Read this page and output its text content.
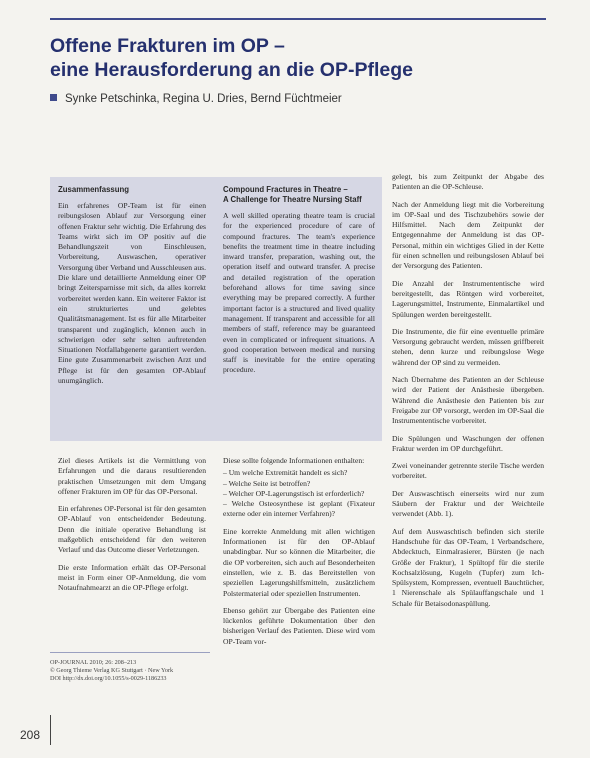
Offene Frakturen im OP –
eine Herausforderung an die OP-Pflege
Synke Petschinka, Regina U. Dries, Bernd Füchtmeier
Zusammenfassung

Ein erfahrenes OP-Team ist für einen reibungslosen Ablauf zur Versorgung einer offenen Fraktur sehr wichtig. Die Erfahrung des Teams wirkt sich im OP positiv auf die Behandlungszeit von Einschleusen, Vorbereitung, Auswaschen, operativer Versorgung über Verband und Ausschleusen aus. Die klare und detaillierte Anmeldung einer OP bringt Zeitersparnisse mit sich, da alles korrekt vorbereitet werden kann. Ein weiterer Faktor ist ein strukturiertes und gelebtes Qualitätsmanagement. Ist es für alle Mitarbeiter transparent und zugänglich, können auch in schwierigen oder sehr selten auftretenden Situationen Notfallabgenerte garantiert werden. Eine gute Zusammenarbeit zwischen Arzt und Pflege ist für den gesamten OP-Ablauf unumgänglich.

Compound Fractures in Theatre –
A Challenge for Theatre Nursing Staff

A well skilled operating theatre team is crucial for the experienced procedure of care of compound fractures. The team's experience benefits the treatment time in theatre including inward transfer, preparation, washing out, the operation itself and outward transfer. A precise and detailed registration of the operation beforehand allows for time saving since everything may be prepared correctly. A further important factor is a structured and lived quality management. If transparent and accessible for all members of staff, reference may be guaranteed even in complicated or infrequent situations. A good cooperation between medical and nursing staff is inevitable for the entire operating procedure.

Ziel dieses Artikels ist die Vermittlung von Erfahrungen und die daraus resultierenden praktischen Umsetzungen mit dem Umgang offener Frakturen im OP für das OP-Personal.

Ein erfahrenes OP-Personal ist für den gesamten OP-Ablauf von entscheidender Bedeutung. Denn die initiale operative Behandlung ist maßgeblich entscheidend für den weiteren Verlauf und das Outcome dieser Verletzungen.

Die erste Information erhält das OP-Personal meist in Form einer OP-Anmeldung, die vom Notaufnahmearzt an die OP-Pflege erfolgt.

OP-JOURNAL 2010; 26: 208–213
© Georg Thieme Verlag KG Stuttgart · New York
DOI http://dx.doi.org/10.1055/s-0029-1186233

Diese sollte folgende Informationen enthalten:

– Um welche Extremität handelt es sich?
– Welche Seite ist betroffen?
– Welcher OP-Lagerungstisch ist erforderlich?
– Welche Osteosynthese ist geplant (Fixateur externe oder ein interner Verfahren)?

Eine korrekte Anmeldung mit allen wichtigen Informationen ist für den OP-Ablauf unabdingbar. Nur so können die Mitarbeiter, die die OP vorbereiten, sich auch auf Besonderheiten einstellen, wie z. B. das Bereitstellen von speziellen Lagerungshilfsmitteln, zusätzlichem Polstermaterial oder speziellen Instrumenten.

Ebenso gehört zur Übergabe des Patienten eine lückenlos geführte Dokumentation über den bisherigen Verlauf des Patienten. Diese wird vom OP-Team vor-

gelegt, bis zum Zeitpunkt der Abgabe des Patienten an die OP-Schleuse.

Nach der Anmeldung liegt mit die Vorbereitung im OP-Saal und des Tischzubehörs sowie der Hilfsmittel. Nach dem Zeitpunkt der Entgegennahme der Anmeldung ist das OP-Personal, mithin ein wichtiges Glied in der Kette für einen schnellen und reibungslosen Ablauf bei der Versorgung des Patienten.

Die Anzahl der Instrumententische wird bereitgestellt, das Röntgen wird vorbereitet, Lagerungsmittel, Instrumente, Einmalartikel und Spülungen werden bereitgestellt.

Die Instrumente, die für eine eventuelle primäre Versorgung gebraucht werden, müssen griffbereit stehen, denn kurze und reibungslose Wege während der OP sind zu vermeiden.

Nach Übernahme des Patienten an der Schleuse wird der Patient der Anästhesie übergeben. Während die Anästhesie den Patienten bis zur Freigabe zur OP vorsorgt, werden im OP-Saal die Instrumententische vorbereitet.

Die Spülungen und Waschungen der offenen Fraktur werden im OP durchgeführt.

Zwei voneinander getrennte sterile Tische werden vorbereitet.

Der Auswaschtisch einerseits wird nur zum Säubern der Fraktur und der Weichteile verwendet (Abb. 1).

Auf dem Auswaschtisch befinden sich sterile Handschuhe für das OP-Team, 1 Verbandschere, Abdecktuch, Einmalrasierer, Bürsten (je nach Größe der Fraktur), 1 Spültopf für die sterile Kochsalzlösung, Kugeln (Tupfer) zum Ich-Spülsystem, Kompressen, eventuell Bauchtücher, 1 Nierenschale als Spülauffangschale und 1 Schale für Betaisodonaspüllung.

208
